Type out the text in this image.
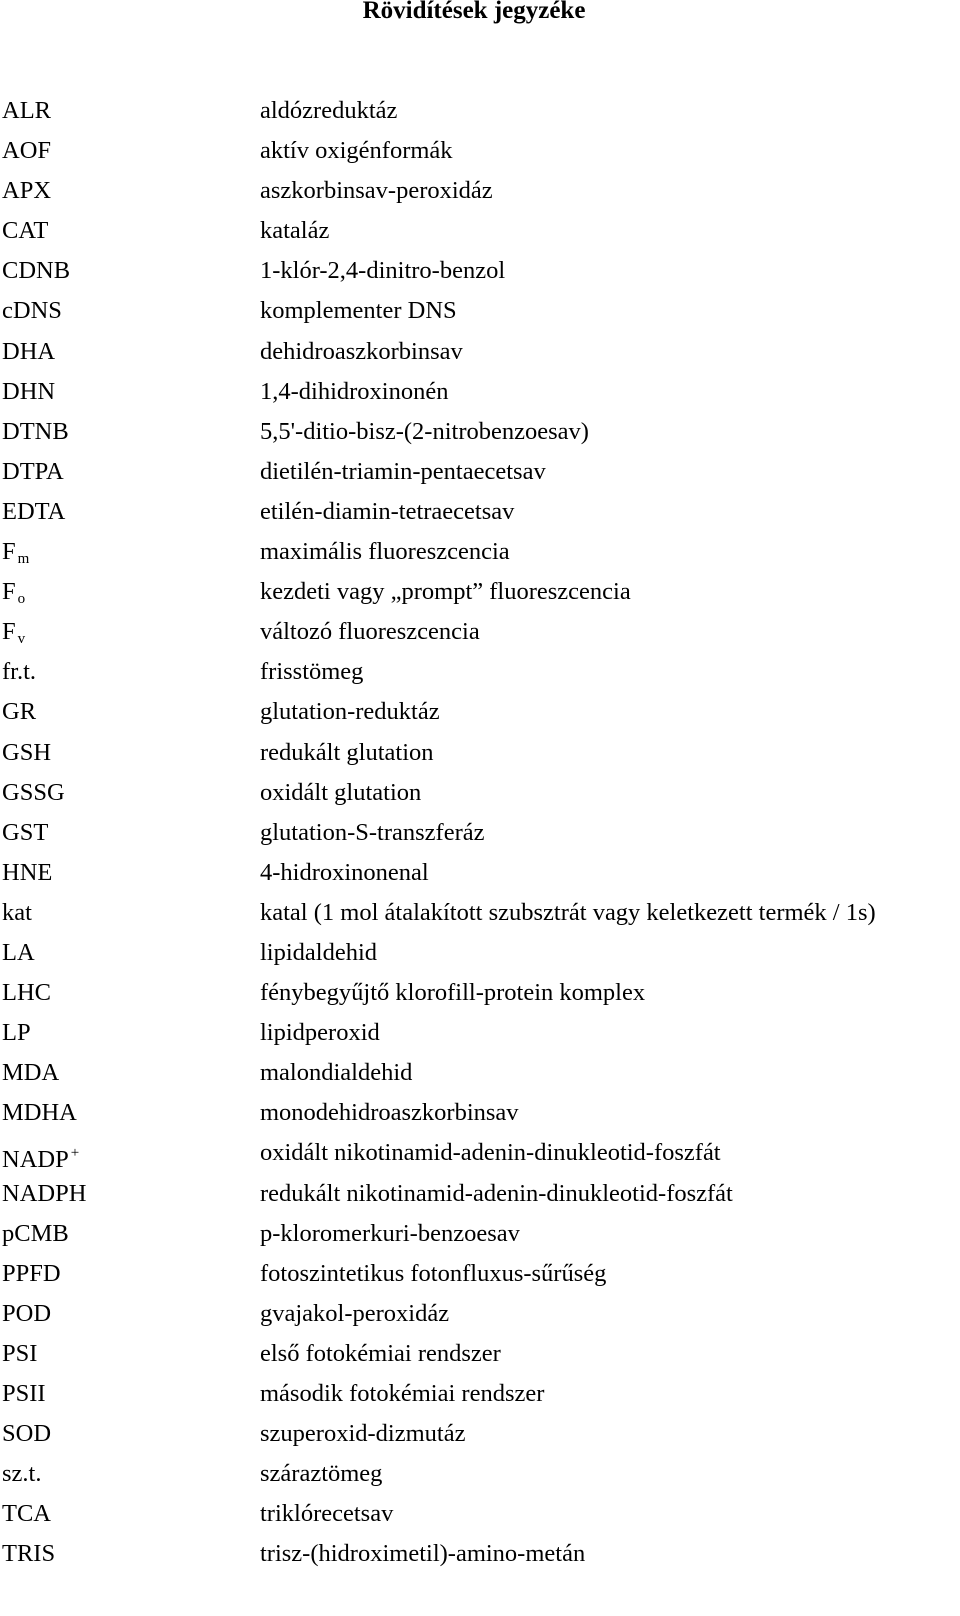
Rövidítések jegyzéke
ALR	aldózreduktáz
AOF	aktív oxigénformák
APX	aszkorbinsav-peroxidáz
CAT	kataláz
CDNB	1-klór-2,4-dinitro-benzol
cDNS	komplementer DNS
DHA	dehidroaszkorbinsav
DHN	1,4-dihidroxinonén
DTNB	5,5'-ditio-bisz-(2-nitrobenzoesav)
DTPA	dietilén-triamin-pentaecetsav
EDTA	etilén-diamin-tetraecetsav
F $_m$	maximális fluoreszcencia
F $_o$	kezdeti vagy „prompt” fluoreszcencia
F $_v$	változó fluoreszcencia
fr.t.	frisstömeg
GR	glutation-reduktáz
GSH	redukált glutation
GSSG	oxidált glutation
GST	glutation-S-transzferáz
HNE	4-hidroxinonenal
kat	katal (1 mol átalakított szubsztrát vagy keletkezett termék / 1s)
LA	lipidaldehid
LHC	fénybegyűjtő klorofill-protein komplex
LP	lipidperoxid
MDA	malondialdehid
MDHA	monodehidroaszkorbinsav
NADP +	oxidált nikotinamid-adenin-dinukleotid-foszfát
NADPH	redukált nikotinamid-adenin-dinukleotid-foszfát
pCMB	p-kloromerkuri-benzoesav
PPFD	fotoszintetikus fotonfluxus-sűrűség
POD	gvajakol-peroxidáz
PSI	első fotokémiai rendszer
PSII	második fotokémiai rendszer
SOD	szuperoxid-dizmutáz
sz.t.	száraztömeg
TCA	triklórecetsav
TRIS	trisz-(hidroximetil)-amino-metán
